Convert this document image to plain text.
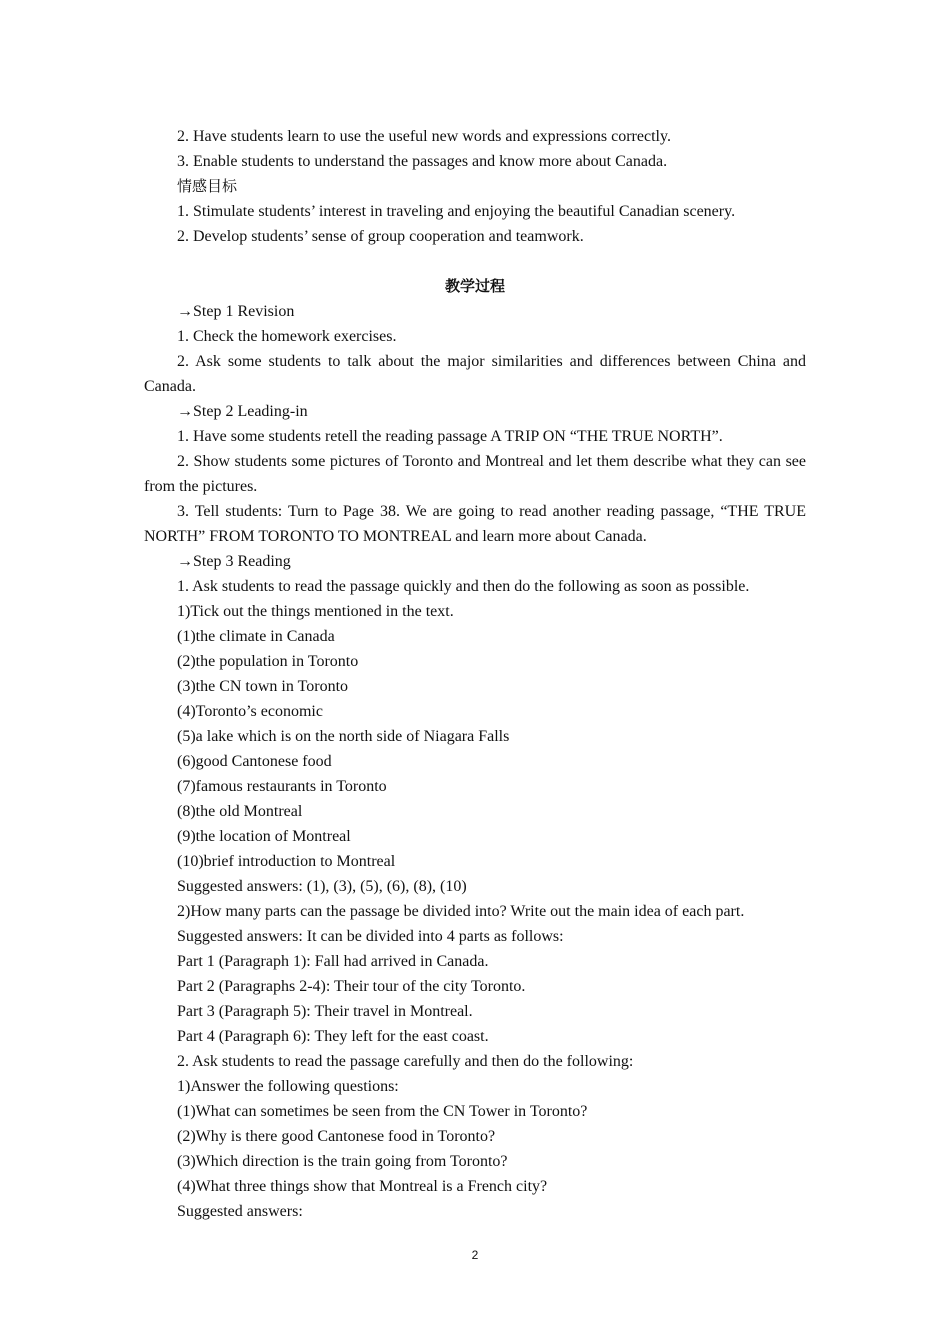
2. Have students learn to use the useful new words and expressions correctly.
3. Enable students to understand the passages and know more about Canada.
情感目标
1. Stimulate students’ interest in traveling and enjoying the beautiful Canadian scenery.
2. Develop students’ sense of group cooperation and teamwork.
教学过程
→Step 1 Revision
1. Check the homework exercises.
2. Ask some students to talk about the major similarities and differences between China and Canada.
→Step 2 Leading-in
1. Have some students retell the reading passage A TRIP ON “THE TRUE NORTH”.
2. Show students some pictures of Toronto and Montreal and let them describe what they can see from the pictures.
3. Tell students: Turn to Page 38. We are going to read another reading passage, “THE TRUE NORTH” FROM TORONTO TO MONTREAL and learn more about Canada.
→Step 3 Reading
1. Ask students to read the passage quickly and then do the following as soon as possible.
1)Tick out the things mentioned in the text.
(1)the climate in Canada
(2)the population in Toronto
(3)the CN town in Toronto
(4)Toronto’s economic
(5)a lake which is on the north side of Niagara Falls
(6)good Cantonese food
(7)famous restaurants in Toronto
(8)the old Montreal
(9)the location of Montreal
(10)brief introduction to Montreal
Suggested answers: (1), (3), (5), (6), (8), (10)
2)How many parts can the passage be divided into? Write out the main idea of each part.
Suggested answers: It can be divided into 4 parts as follows:
Part 1 (Paragraph 1): Fall had arrived in Canada.
Part 2 (Paragraphs 2-4): Their tour of the city Toronto.
Part 3 (Paragraph 5): Their travel in Montreal.
Part 4 (Paragraph 6): They left for the east coast.
2. Ask students to read the passage carefully and then do the following:
1)Answer the following questions:
(1)What can sometimes be seen from the CN Tower in Toronto?
(2)Why is there good Cantonese food in Toronto?
(3)Which direction is the train going from Toronto?
(4)What three things show that Montreal is a French city?
Suggested answers:
2
